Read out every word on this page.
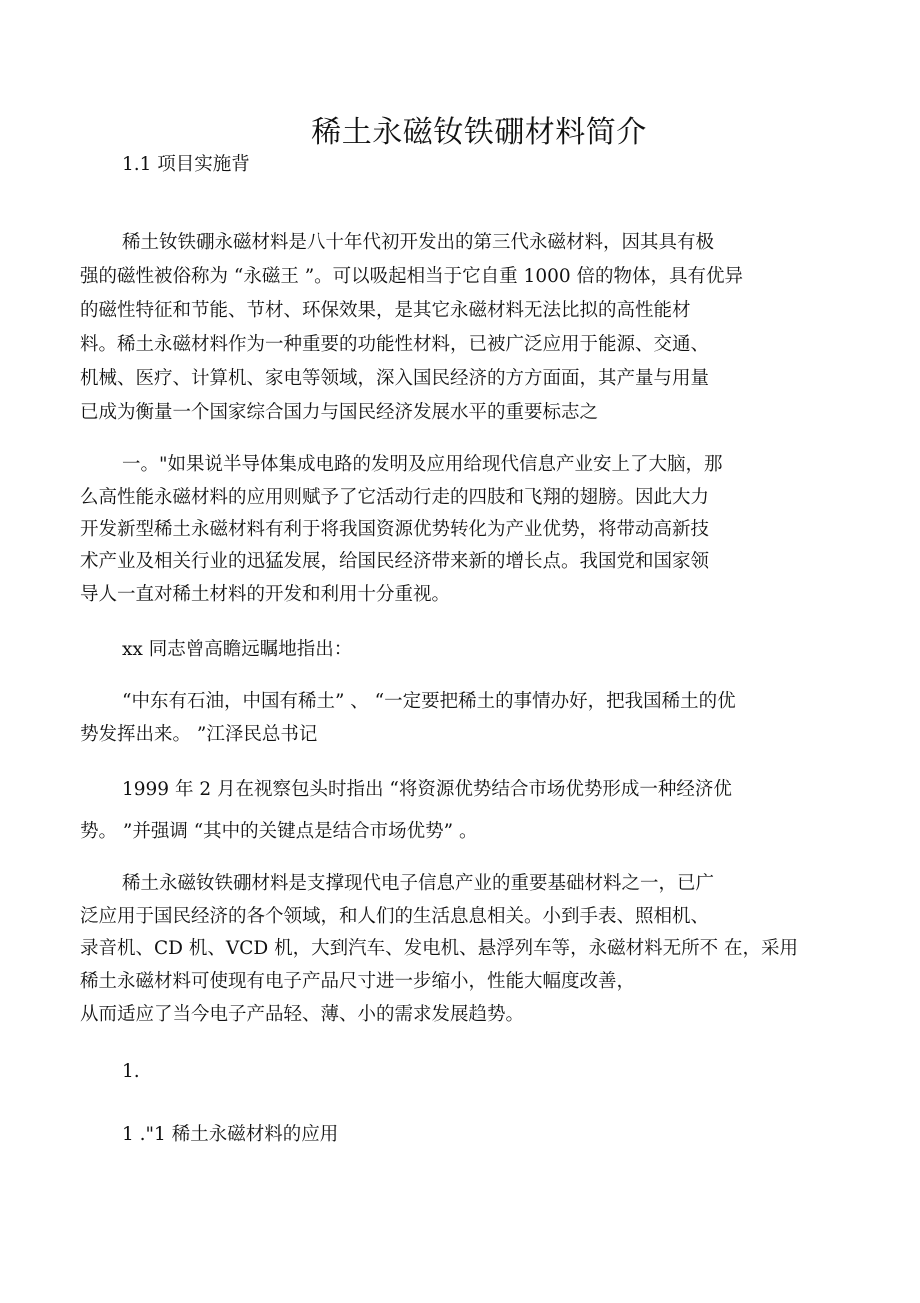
稀土永磁钕铁硼材料简介

1.1 项目实施背

稀土钕铁硼永磁材料是八十年代初开发出的第三代永磁材料，因其具有极

强的磁性被俗称为 “永磁王 ”。可以吸起相当于它自重 1000 倍的物体，具有优异

的磁性特征和节能、节材、环保效果，是其它永磁材料无法比拟的高性能材

料。稀土永磁材料作为一种重要的功能性材料，已被广泛应用于能源、交通、

机械、医疗、计算机、家电等领域，深入国民经济的方方面面，其产量与用量

已成为衡量一个国家综合国力与国民经济发展水平的重要标志之

一。"如果说半导体集成电路的发明及应用给现代信息产业安上了大脑，那

么高性能永磁材料的应用则赋予了它活动行走的四肢和飞翔的翅膀。因此大力

开发新型稀土永磁材料有利于将我国资源优势转化为产业优势，将带动高新技

术产业及相关行业的迅猛发展，给国民经济带来新的增长点。我国党和国家领

导人一直对稀土材料的开发和利用十分重视。

xx 同志曾高瞻远瞩地指出：

“中东有石油，中国有稀土” 、 “一定要把稀土的事情办好，把我国稀土的优

势发挥出来。 ”江泽民总书记

1999 年 2 月在视察包头时指出 “将资源优势结合市场优势形成一种经济优

势。 ”并强调 “其中的关键点是结合市场优势” 。

稀土永磁钕铁硼材料是支撑现代电子信息产业的重要基础材料之一，已广

泛应用于国民经济的各个领域，和人们的生活息息相关。小到手表、照相机、

录音机、CD 机、VCD 机，大到汽车、发电机、悬浮列车等，永磁材料无所不 在，采用

稀土永磁材料可使现有电子产品尺寸进一步缩小，性能大幅度改善，

从而适应了当今电子产品轻、薄、小的需求发展趋势。

1.

1 ."1 稀土永磁材料的应用
